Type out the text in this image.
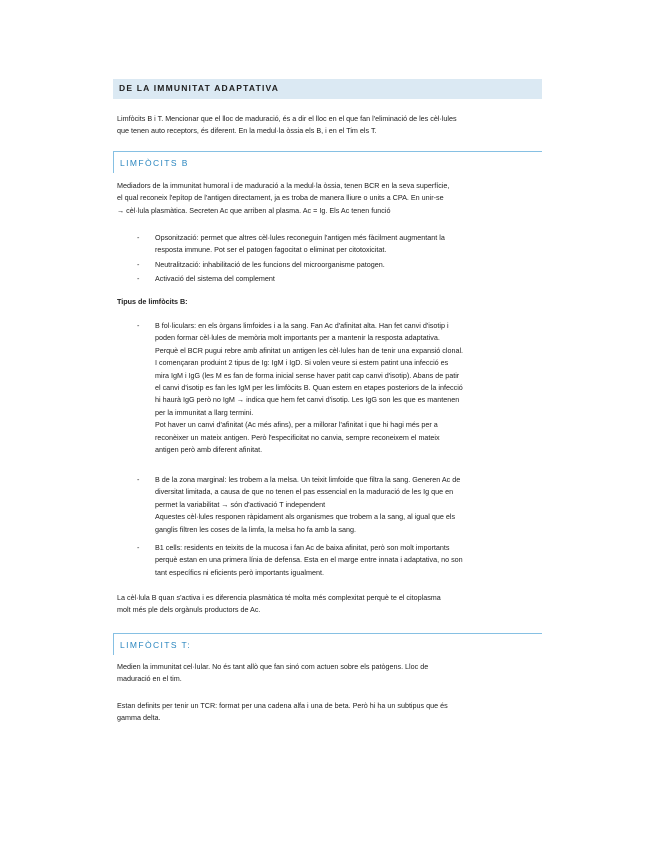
DE LA IMMUNITAT ADAPTATIVA
Limfòcits B i T. Mencionar que el lloc de maduració, és a dir el lloc en el que fan l'eliminació de les cèl·lules
que tenen auto receptors, és diferent. En la medul·la òssia els B, i en el Tim els T.
LIMFÒCITS B
Mediadors de la immunitat humoral i de maduració a la medul·la òssia, tenen BCR en la seva superfície,
el qual reconeix l'epítop de l'antigen directament, ja es troba de manera lliure o units a CPA. En unir-se
→ cèl·lula plasmàtica. Secreten Ac que arriben al plasma. Ac = Ig. Els Ac tenen funció
- Opsonització: permet que altres cèl·lules reconeguin l'antigen més fàcilment augmentant la
resposta immune. Pot ser el patogen fagocitat o eliminat per citotoxicitat.
- Neutralització: inhabilitació de les funcions del microorganisme patogen.
- Activació del sistema del complement
Tipus de limfòcits B:
- B fol·liculars: en els òrgans limfoides i a la sang. Fan Ac d'afinitat alta. Han fet canvi d'isotip i
poden formar cèl·lules de memòria molt importants per a mantenir la resposta adaptativa.
Perquè el BCR pugui rebre amb afinitat un antigen les cèl·lules han de tenir una expansió clonal.
I començaran produint 2 tipus de Ig: IgM i IgD. Si volen veure si estem patint una infecció es
mira IgM i IgG (les M es fan de forma inicial sense haver patit cap canvi d'isotip). Abans de patir
el canvi d'isotip es fan les IgM per les limfòcits B. Quan estem en etapes posteriors de la infecció
hi haurà IgG però no IgM → indica que hem fet canvi d'isotip. Les IgG son les que es mantenen
per la immunitat a llarg termini.
Pot haver un canvi d'afinitat (Ac més afins), per a millorar l'afinitat i que hi hagi més per a
reconèixer un mateix antigen. Però l'especificitat no canvia, sempre reconeixem el mateix
antigen però amb diferent afinitat.
- B de la zona marginal: les trobem a la melsa. Un teixit limfoide que filtra la sang. Generen Ac de
diversitat limitada, a causa de que no tenen el pas essencial en la maduració de les Ig que en
permet la variabilitat → són d'activació T independent
Aquestes cèl·lules responen ràpidament als organismes que trobem a la sang, al igual que els
ganglis filtren les coses de la limfa, la melsa ho fa amb la sang.
- B1 cells: residents en teixits de la mucosa i fan Ac de baixa afinitat, però son molt importants
perquè estan en una primera línia de defensa. Esta en el marge entre innata i adaptativa, no son
tant específics ni eficients però importants igualment.
La cèl·lula B quan s'activa i es diferencia plasmàtica té molta més complexitat perquè te el citoplasma
molt més ple dels orgànuls productors de Ac.
LIMFÒCITS T:
Medien la immunitat cel·lular. No és tant allò que fan sinó com actuen sobre els patògens. Lloc de
maduració en el tim.
Estan definits per tenir un TCR: format per una cadena alfa i una de beta. Però hi ha un subtipus que és
gamma delta.
